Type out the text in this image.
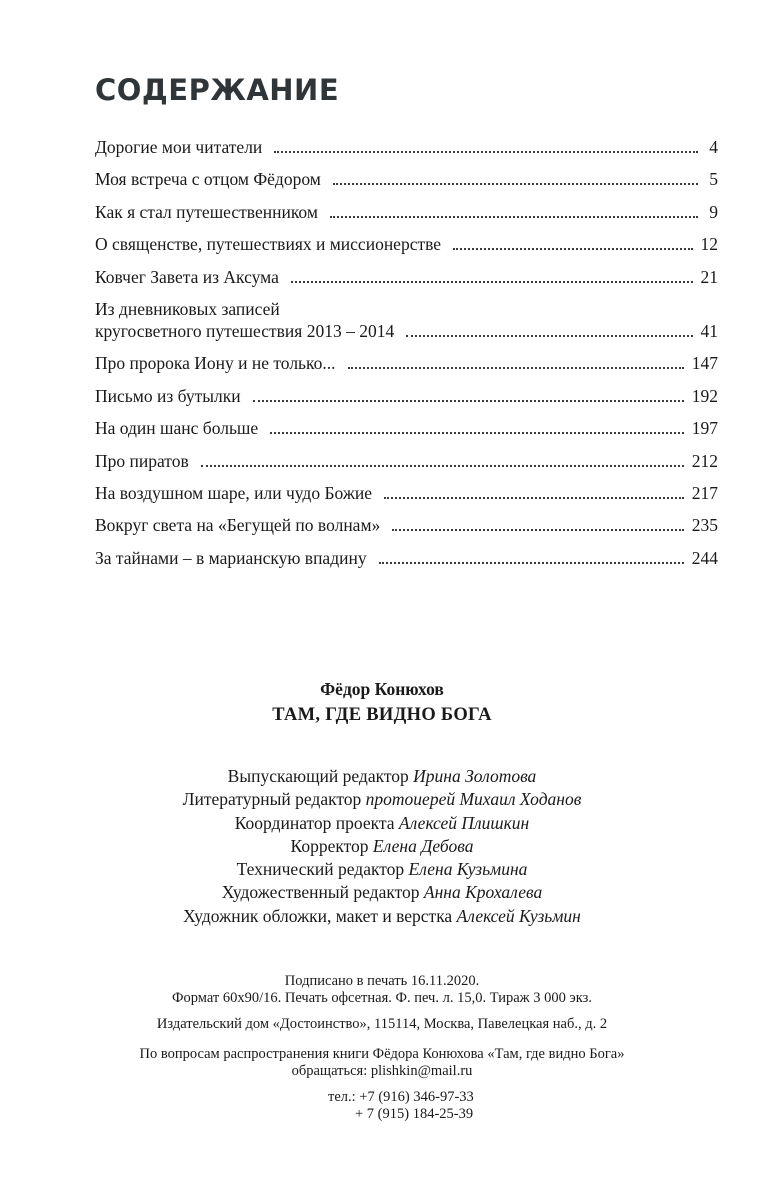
СОДЕРЖАНИЕ
Дорогие мои читатели	4
Моя встреча с отцом Фёдором	5
Как я стал путешественником	9
О священстве, путешествиях и миссионерстве	12
Ковчег Завета из Аксума	21
Из дневниковых записей
кругосветного путешествия 2013 – 2014	41
Про пророка Иону и не только...	147
Письмо из бутылки	192
На один шанс больше	197
Про пиратов	212
На воздушном шаре, или чудо Божие	217
Вокруг света на «Бегущей по волнам»	235
За тайнами – в марианскую впадину	244
Фёдор Конюхов
ТАМ, ГДЕ ВИДНО БОГА
Выпускающий редактор Ирина Золотова
Литературный редактор протоиерей Михаил Ходанов
Координатор проекта Алексей Плишкин
Корректор Елена Дебова
Технический редактор Елена Кузьмина
Художественный редактор Анна Крохалева
Художник обложки, макет и верстка Алексей Кузьмин
Подписано в печать 16.11.2020.
Формат 60x90/16. Печать офсетная. Ф. печ. л. 15,0. Тираж 3 000 экз.
Издательский дом «Достоинство», 115114, Москва, Павелецкая наб., д. 2
По вопросам распространения книги Фёдора Конюхова «Там, где видно Бога»
обращаться: plishkin@mail.ru
тел.: +7 (916) 346-97-33
+ 7 (915) 184-25-39
